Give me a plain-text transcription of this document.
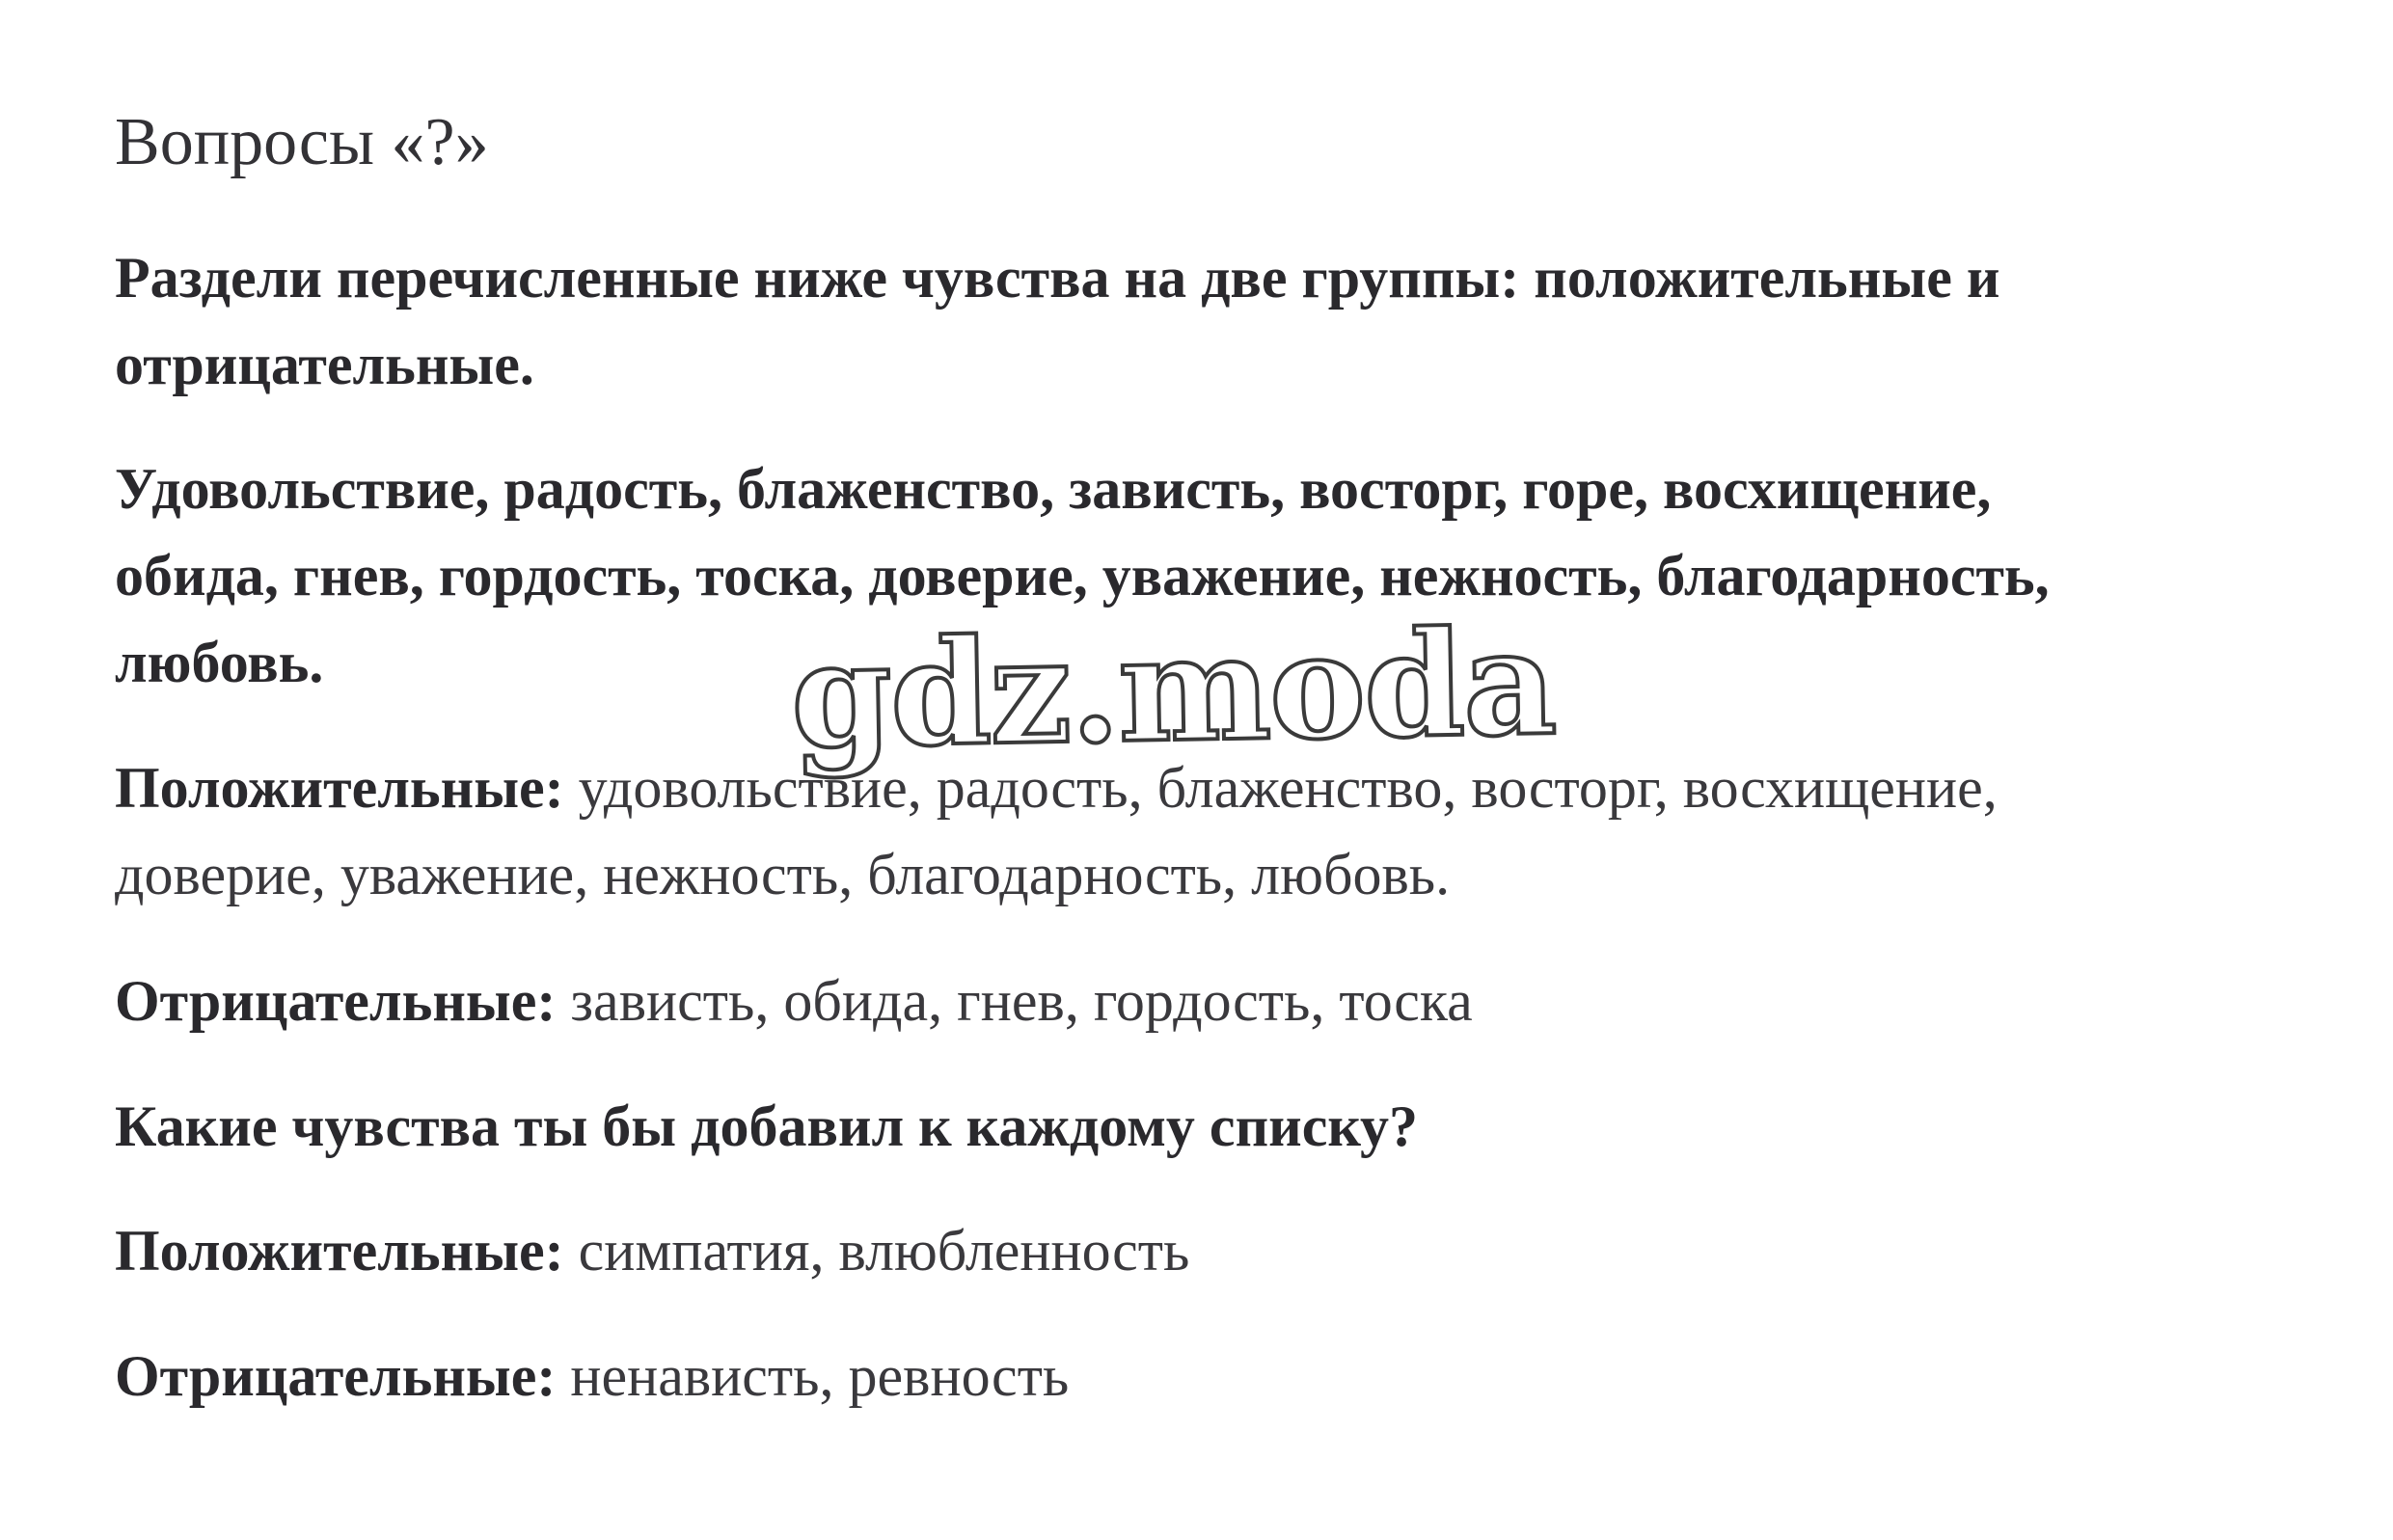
Вопросы «?»

Раздели перечисленные ниже чувства на две группы: положительные и

отрицательные.

Удовольствие, радость, блаженство, зависть, восторг, горе, восхищение,

обида, гнев, гордость, тоска, доверие, уважение, нежность, благодарность,

любовь.

Положительные: удовольствие, радость, блаженство, восторг, восхищение,

доверие, уважение, нежность, благодарность, любовь.

Отрицательные: зависть, обида, гнев, гордость, тоска

Какие чувства ты бы добавил к каждому списку?

Положительные: симпатия, влюбленность

Отрицательные: ненависть, ревность

gdz.moda
